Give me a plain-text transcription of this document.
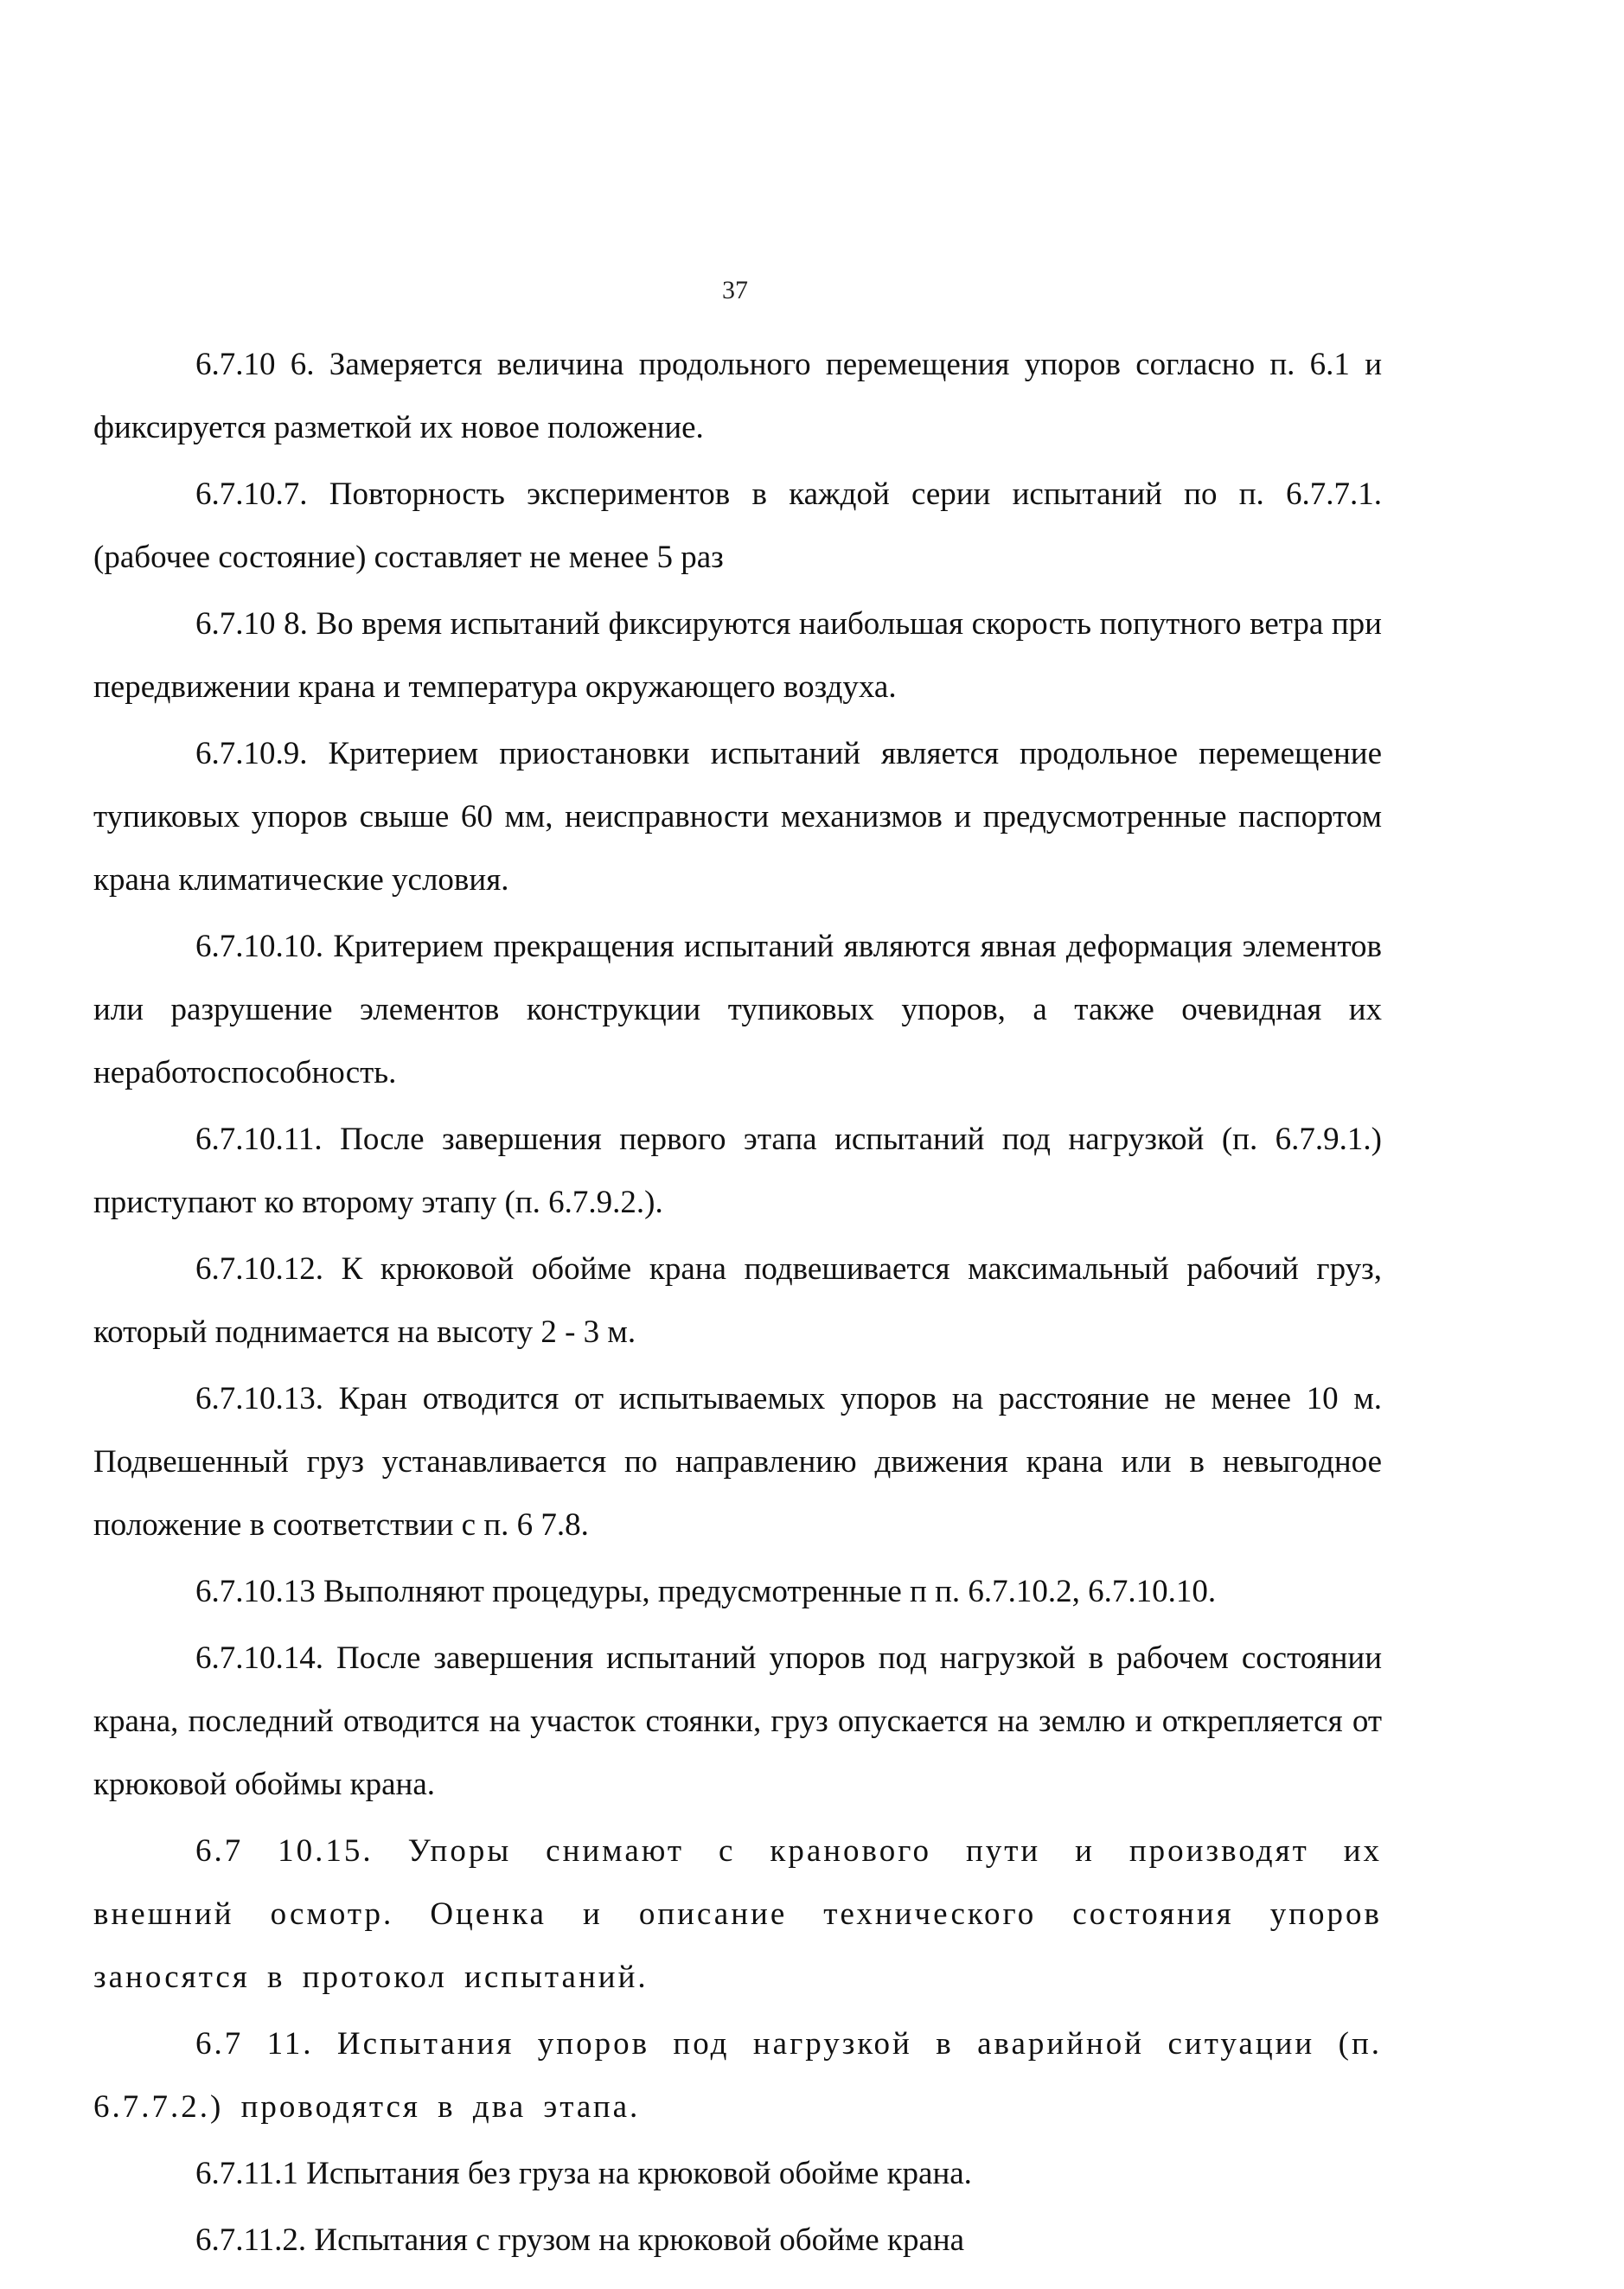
37

6.7.10 6. Замеряется величина продольного перемещения упоров согласно п. 6.1 и фиксируется разметкой их новое положение.

6.7.10.7. Повторность экспериментов в каждой серии испытаний по п. 6.7.7.1. (рабочее состояние) составляет не менее 5 раз

6.7.10 8. Во время испытаний фиксируются наибольшая скорость попутного ветра при передвижении крана и температура окружающего воздуха.

6.7.10.9. Критерием приостановки испытаний является продольное перемещение тупиковых упоров свыше 60 мм, неисправности механизмов и предусмотренные паспортом крана климатические условия.

6.7.10.10. Критерием прекращения испытаний являются явная деформация элементов или разрушение элементов конструкции тупиковых упоров, а также очевидная их неработоспособность.

6.7.10.11. После завершения первого этапа испытаний под нагрузкой (п. 6.7.9.1.) приступают ко второму этапу (п. 6.7.9.2.).

6.7.10.12. К крюковой обойме крана подвешивается максимальный рабочий груз, который поднимается на высоту 2 - 3 м.

6.7.10.13. Кран отводится от испытываемых упоров на расстояние не менее 10 м. Подвешенный груз устанавливается по направлению движения крана или в невыгодное положение в соответствии с п. 6 7.8.

6.7.10.13 Выполняют процедуры, предусмотренные п п. 6.7.10.2, 6.7.10.10.

6.7.10.14. После завершения испытаний упоров под нагрузкой в рабочем состоянии крана, последний отводится на участок стоянки, груз опускается на землю и открепляется от крюковой обоймы крана.

6.7 10.15. Упоры снимают с кранового пути и производят их внешний осмотр. Оценка и описание технического состояния упоров заносятся в протокол испытаний.

6.7 11. Испытания упоров под нагрузкой в аварийной ситуации (п. 6.7.7.2.) проводятся в два этапа.

6.7.11.1 Испытания без груза на крюковой обойме крана.

6.7.11.2. Испытания с грузом на крюковой обойме крана
